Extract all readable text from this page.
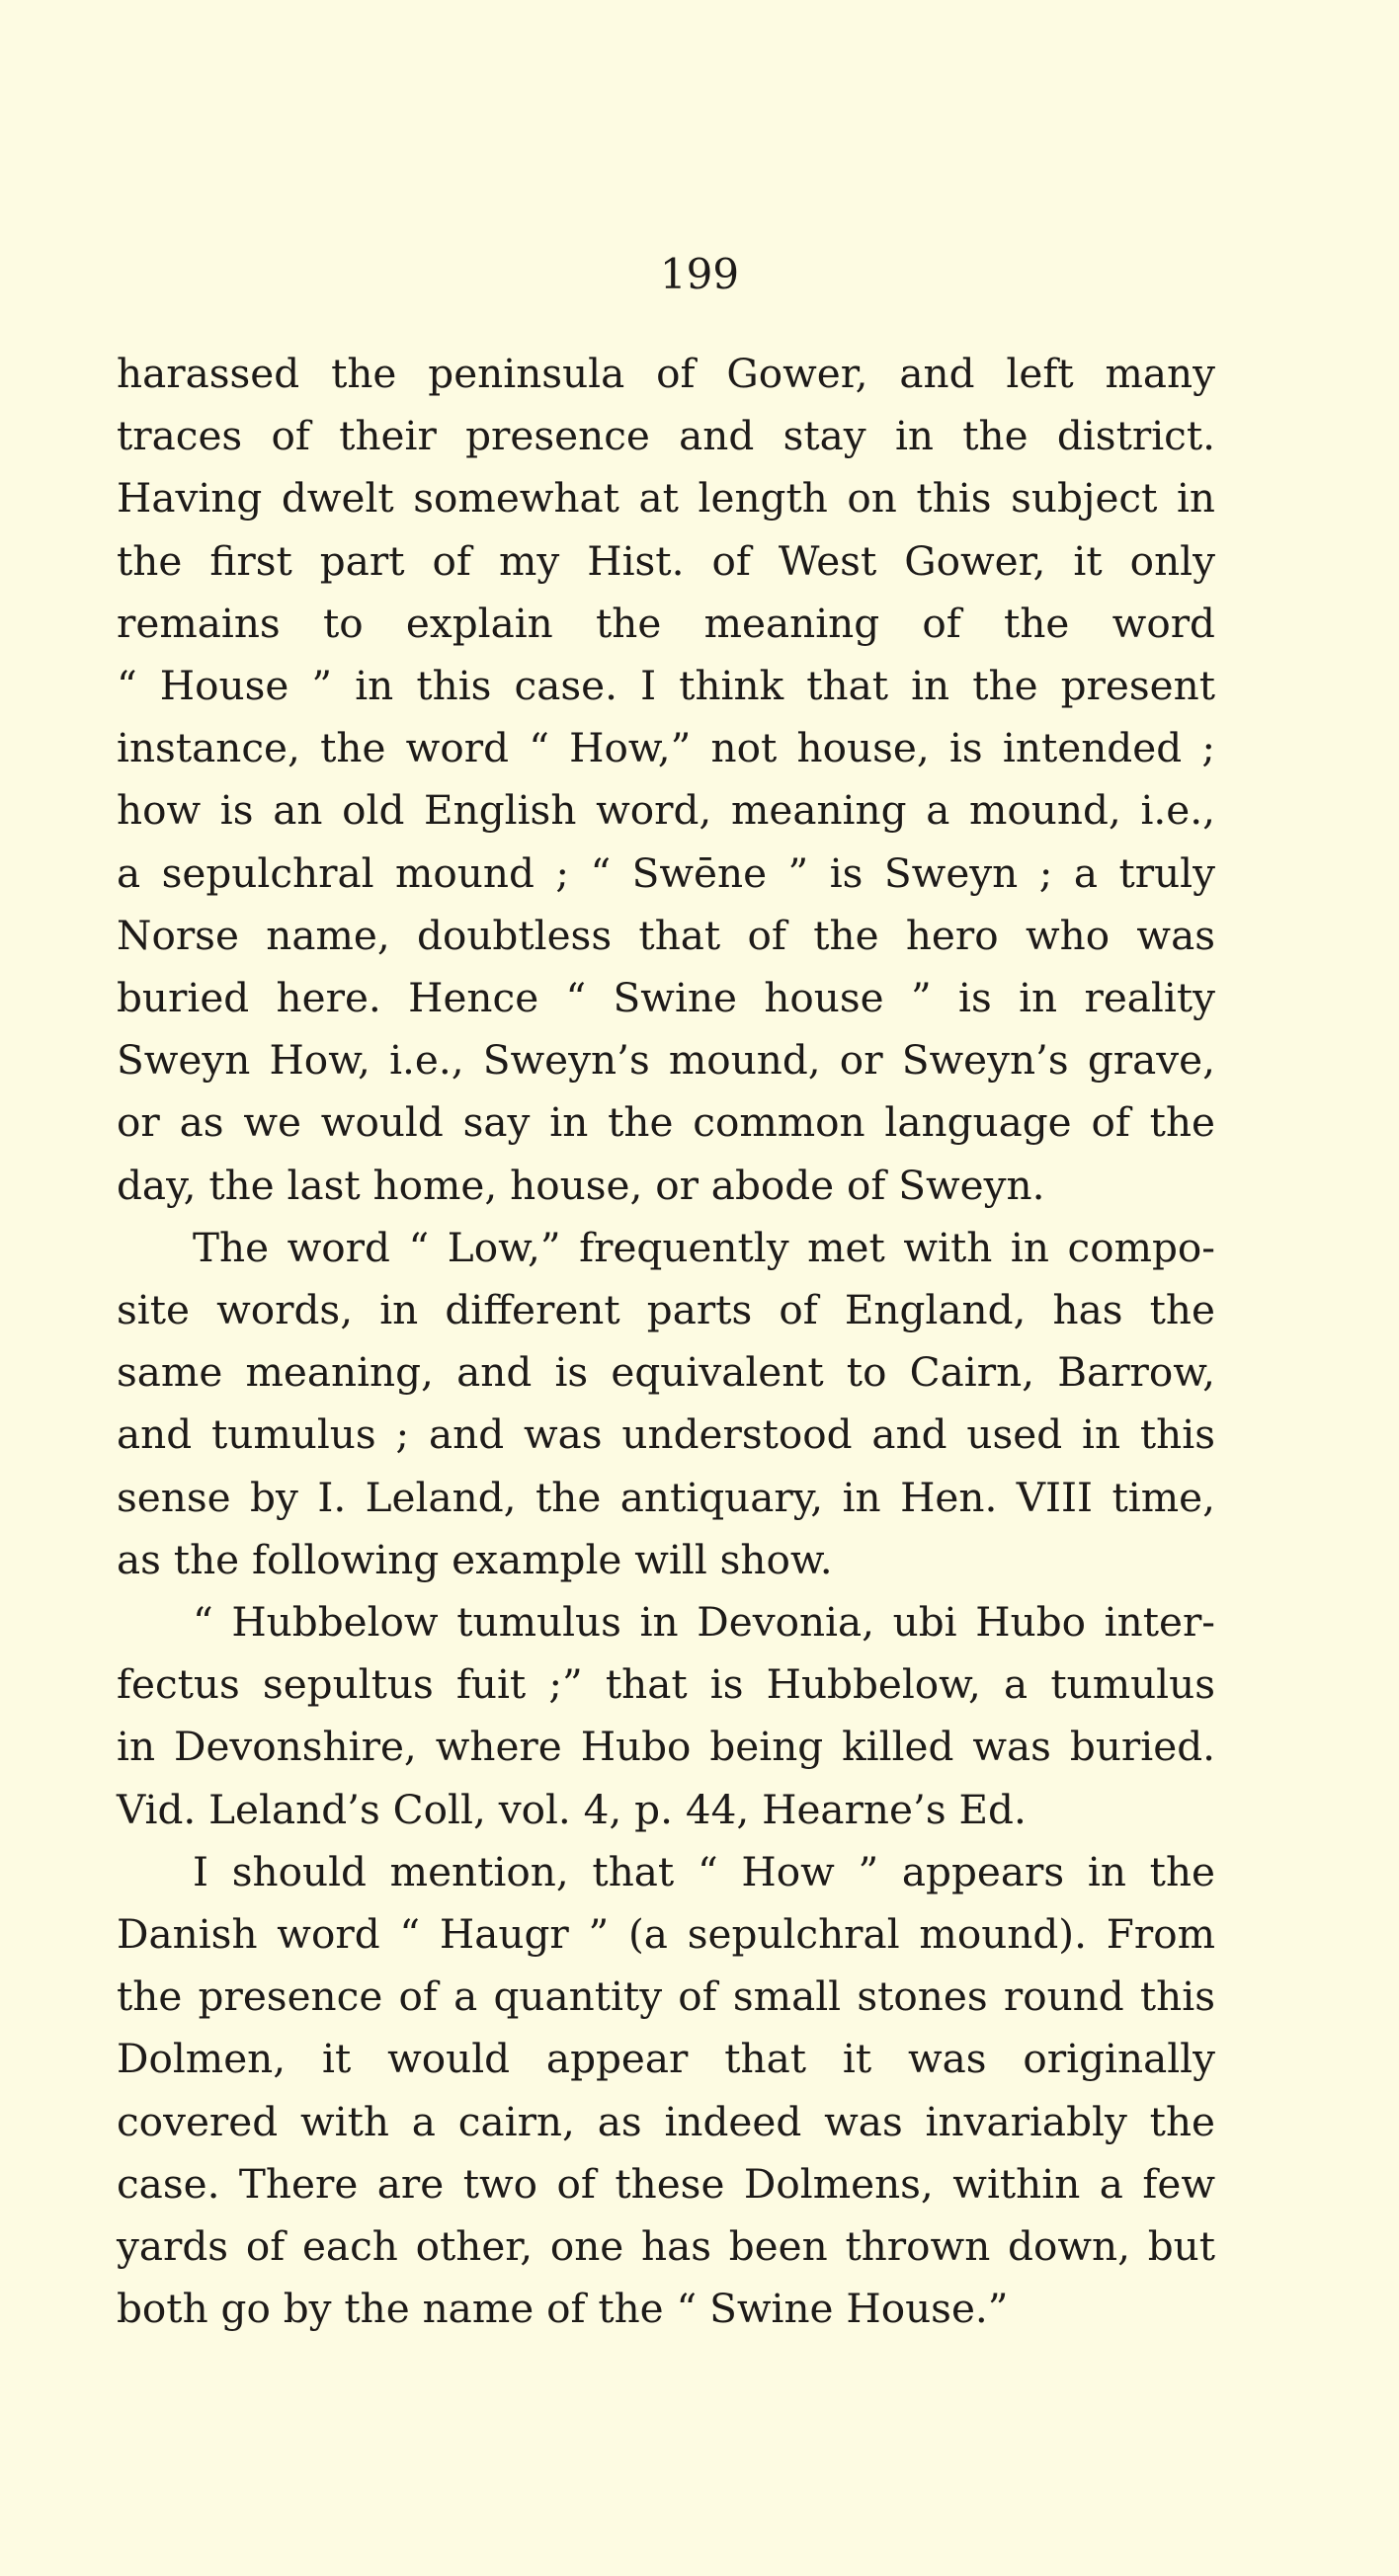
199
harassed the peninsula of Gower, and left many
traces of their presence and stay in the district.
Having dwelt somewhat at length on this subject in
the first part of my Hist. of West Gower, it only
remains to explain the meaning of the word
“ House ” in this case. I think that in the present
instance, the word “ How,” not house, is intended ;
how is an old English word, meaning a mound, i.e.,
a sepulchral mound ; “ Swēne ” is Sweyn ; a truly
Norse name, doubtless that of the hero who was
buried here. Hence “ Swine house ” is in reality
Sweyn How, i.e., Sweyn’s mound, or Sweyn’s grave,
or as we would say in the common language of the
day, the last home, house, or abode of Sweyn.
The word “ Low,” frequently met with in compo-
site words, in different parts of England, has the
same meaning, and is equivalent to Cairn, Barrow,
and tumulus ; and was understood and used in this
sense by I. Leland, the antiquary, in Hen. VIII time,
as the following example will show.
“ Hubbelow tumulus in Devonia, ubi Hubo inter-
fectus sepultus fuit ;” that is Hubbelow, a tumulus
in Devonshire, where Hubo being killed was buried.
Vid. Leland’s Coll, vol. 4, p. 44, Hearne’s Ed.
I should mention, that “ How ” appears in the
Danish word “ Haugr ” (a sepulchral mound). From
the presence of a quantity of small stones round this
Dolmen, it would appear that it was originally
covered with a cairn, as indeed was invariably the
case. There are two of these Dolmens, within a few
yards of each other, one has been thrown down, but
both go by the name of the “ Swine House.”
